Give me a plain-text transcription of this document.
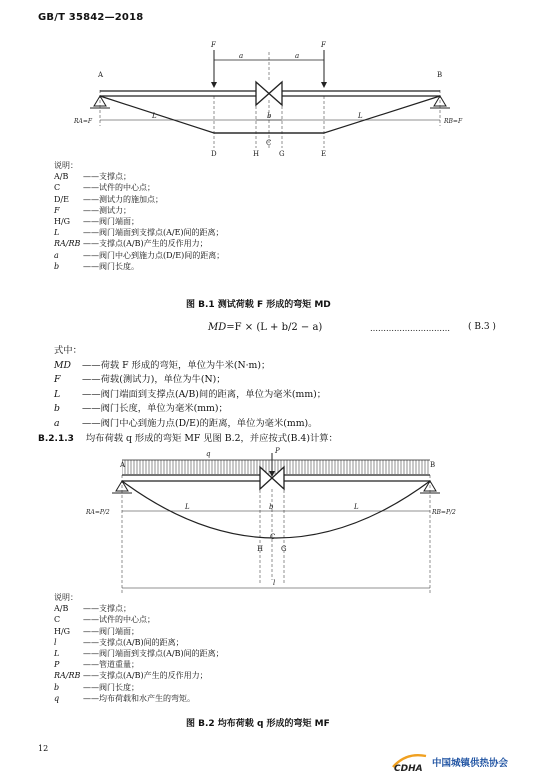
GB/T 35842—2018
A	B
F	F
a	a
L	L
b
C
D	H	G	E
RA=F	RB=F
说明：
A/B	——支撑点；
C	——试件的中心点；
D/E	——测试力的施加点；
F	——测试力；
H/G	——阀门端面；
L	——阀门端面到支撑点(A/E)间的距离；
RA/RB ——支撑点(A/B)产生的反作用力；
a	——阀门中心到施力点(D/E)间的距离；
b	——阀门长度。
图 B.1 测试荷载 F 形成的弯矩 MD
MD=F × (L + b/2 − a)	………………………… ( B.3 )
式中：
MD	——荷载 F 形成的弯矩，单位为牛米(N·m)；
F	——荷载(测试力)，单位为牛(N)；
L	——阀门端面到支撑点(A/B)间的距离，单位为毫米(mm)；
b	——阀门长度，单位为毫米(mm)；
a	——阀门中心到施力点(D/E)的距离，单位为毫米(mm)。
B.2.1.3 均布荷载 q 形成的弯矩 MF 见图 B.2，并应按式(B.4)计算：
A	B
q	P
L	L
b
C
H	G
l
RA=P/2	RB=P/2
说明：
A/B	——支撑点；
C	——试件的中心点；
H/G	——阀门端面；
l	——支撑点(A/B)间的距离；
L	——阀门端面到支撑点(A/B)间的距离；
P	——管道重量；
RA/RB ——支撑点(A/B)产生的反作用力；
b	——阀门长度；
q	——均布荷载和水产生的弯矩。
图 B.2 均布荷载 q 形成的弯矩 MF
12
CDHA 中国城镇供热协会
